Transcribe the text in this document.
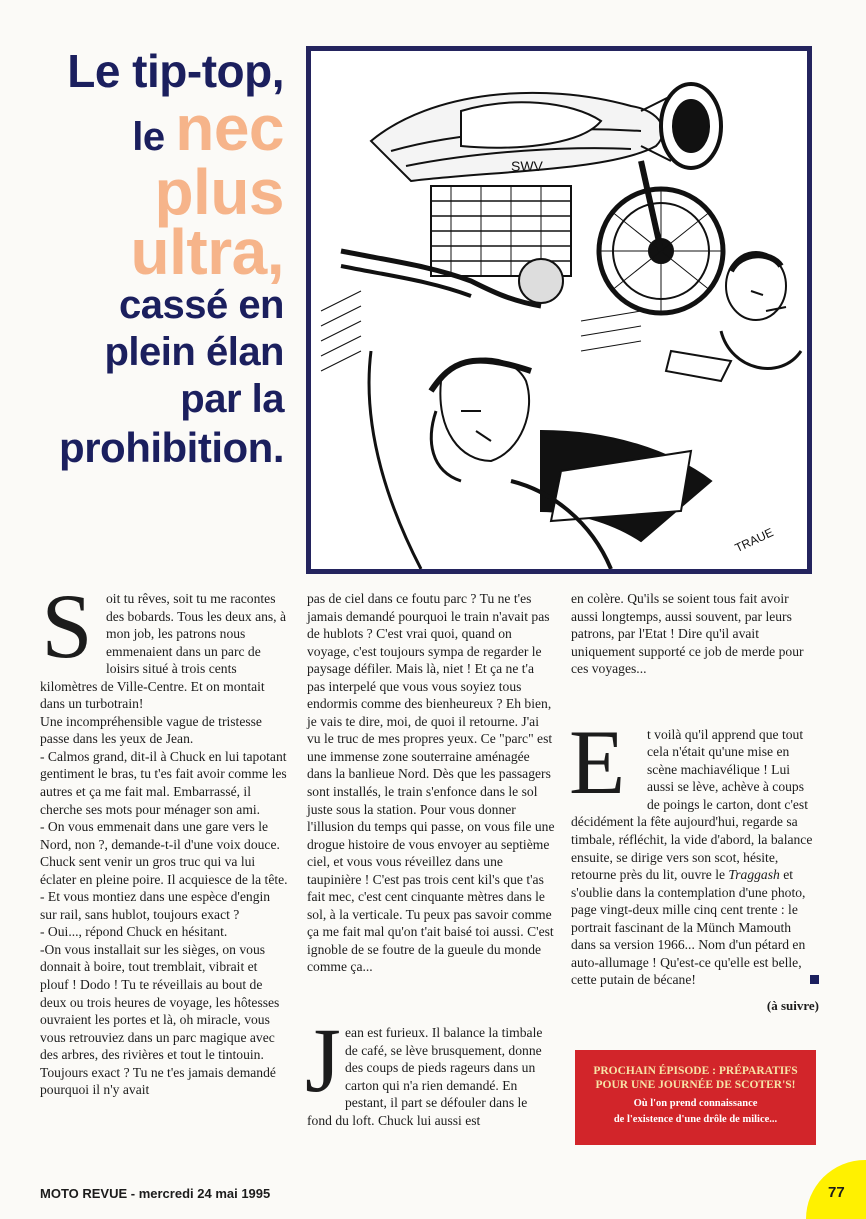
Le tip-top,
le nec
plus
ultra,
cassé en
plein élan
par la
prohibition.
SWV
TRAUE

Soit tu rêves, soit tu me racontes des bobards. Tous les deux ans, à mon job, les patrons nous emmenaient dans un parc de loisirs situé à trois cents kilomètres de Ville-Centre. Et on montait dans un turbotrain!

Une incompréhensible vague de tristesse passe dans les yeux de Jean.

- Calmos grand, dit-il à Chuck en lui tapotant gentiment le bras, tu t'es fait avoir comme les autres et ça me fait mal. Embarrassé, il cherche ses mots pour ménager son ami.

- On vous emmenait dans une gare vers le Nord, non ?, demande-t-il d'une voix douce.

Chuck sent venir un gros truc qui va lui éclater en pleine poire. Il acquiesce de la tête.

- Et vous montiez dans une espèce d'engin sur rail, sans hublot, toujours exact ?

- Oui..., répond Chuck en hésitant.

-On vous installait sur les sièges, on vous donnait à boire, tout tremblait, vibrait et plouf ! Dodo ! Tu te réveillais au bout de deux ou trois heures de voyage, les hôtesses ouvraient les portes et là, oh miracle, vous vous retrouviez dans un parc magique avec des arbres, des rivières et tout le tintouin. Toujours exact ? Tu ne t'es jamais demandé pourquoi il n'y avait

pas de ciel dans ce foutu parc ? Tu ne t'es jamais demandé pourquoi le train n'avait pas de hublots ? C'est vrai quoi, quand on voyage, c'est toujours sympa de regarder le paysage défiler. Mais là, niet ! Et ça ne t'a pas interpelé que vous vous soyiez tous endormis comme des bienheureux ? Eh bien, je vais te dire, moi, de quoi il retourne. J'ai vu le truc de mes propres yeux. Ce "parc" est une immense zone souterraine aménagée dans la banlieue Nord. Dès que les passagers sont installés, le train s'enfonce dans le sol juste sous la station. Pour vous donner l'illusion du temps qui passe, on vous file une drogue histoire de vous envoyer au septième ciel, et vous vous réveillez dans une taupinière ! C'est pas trois cent kil's que t'as fait mec, c'est cent cinquante mètres dans le sol, à la verticale. Tu peux pas savoir comme ça me fait mal qu'on t'ait baisé toi aussi. C'est ignoble de se foutre de la gueule du monde comme ça...

Jean est furieux. Il balance la timbale de café, se lève brusquement, donne des coups de pieds rageurs dans un carton qui n'a rien demandé. En pestant, il part se défouler dans le fond du loft. Chuck lui aussi est

en colère. Qu'ils se soient tous fait avoir aussi longtemps, aussi souvent, par leurs patrons, par l'Etat ! Dire qu'il avait uniquement supporté ce job de merde pour ces voyages...

E	t voilà qu'il apprend que tout cela n'était qu'une mise en scène machiavélique ! Lui aussi se lève, achève à coups de poings le carton, dont c'est décidément la fête aujourd'hui, regarde sa timbale, réfléchit, la vide d'abord, la balance ensuite, se dirige vers son scot, hésite, retourne près du lit, ouvre le Traggash et s'oublie dans la contemplation d'une photo, page vingt-deux mille cinq cent trente : le portrait fascinant de la Münch Mamouth dans sa version 1966... Nom d'un pétard en auto-allumage ! Qu'est-ce qu'elle est belle, cette putain de bécane!

(à suivre)
PROCHAIN ÉPISODE : PRÉPARATIFS
POUR UNE JOURNÉE DE SCOTER'S!
Où l'on prend connaissance
de l'existence d'une drôle de milice...
MOTO REVUE - mercredi 24 mai 1995	77
